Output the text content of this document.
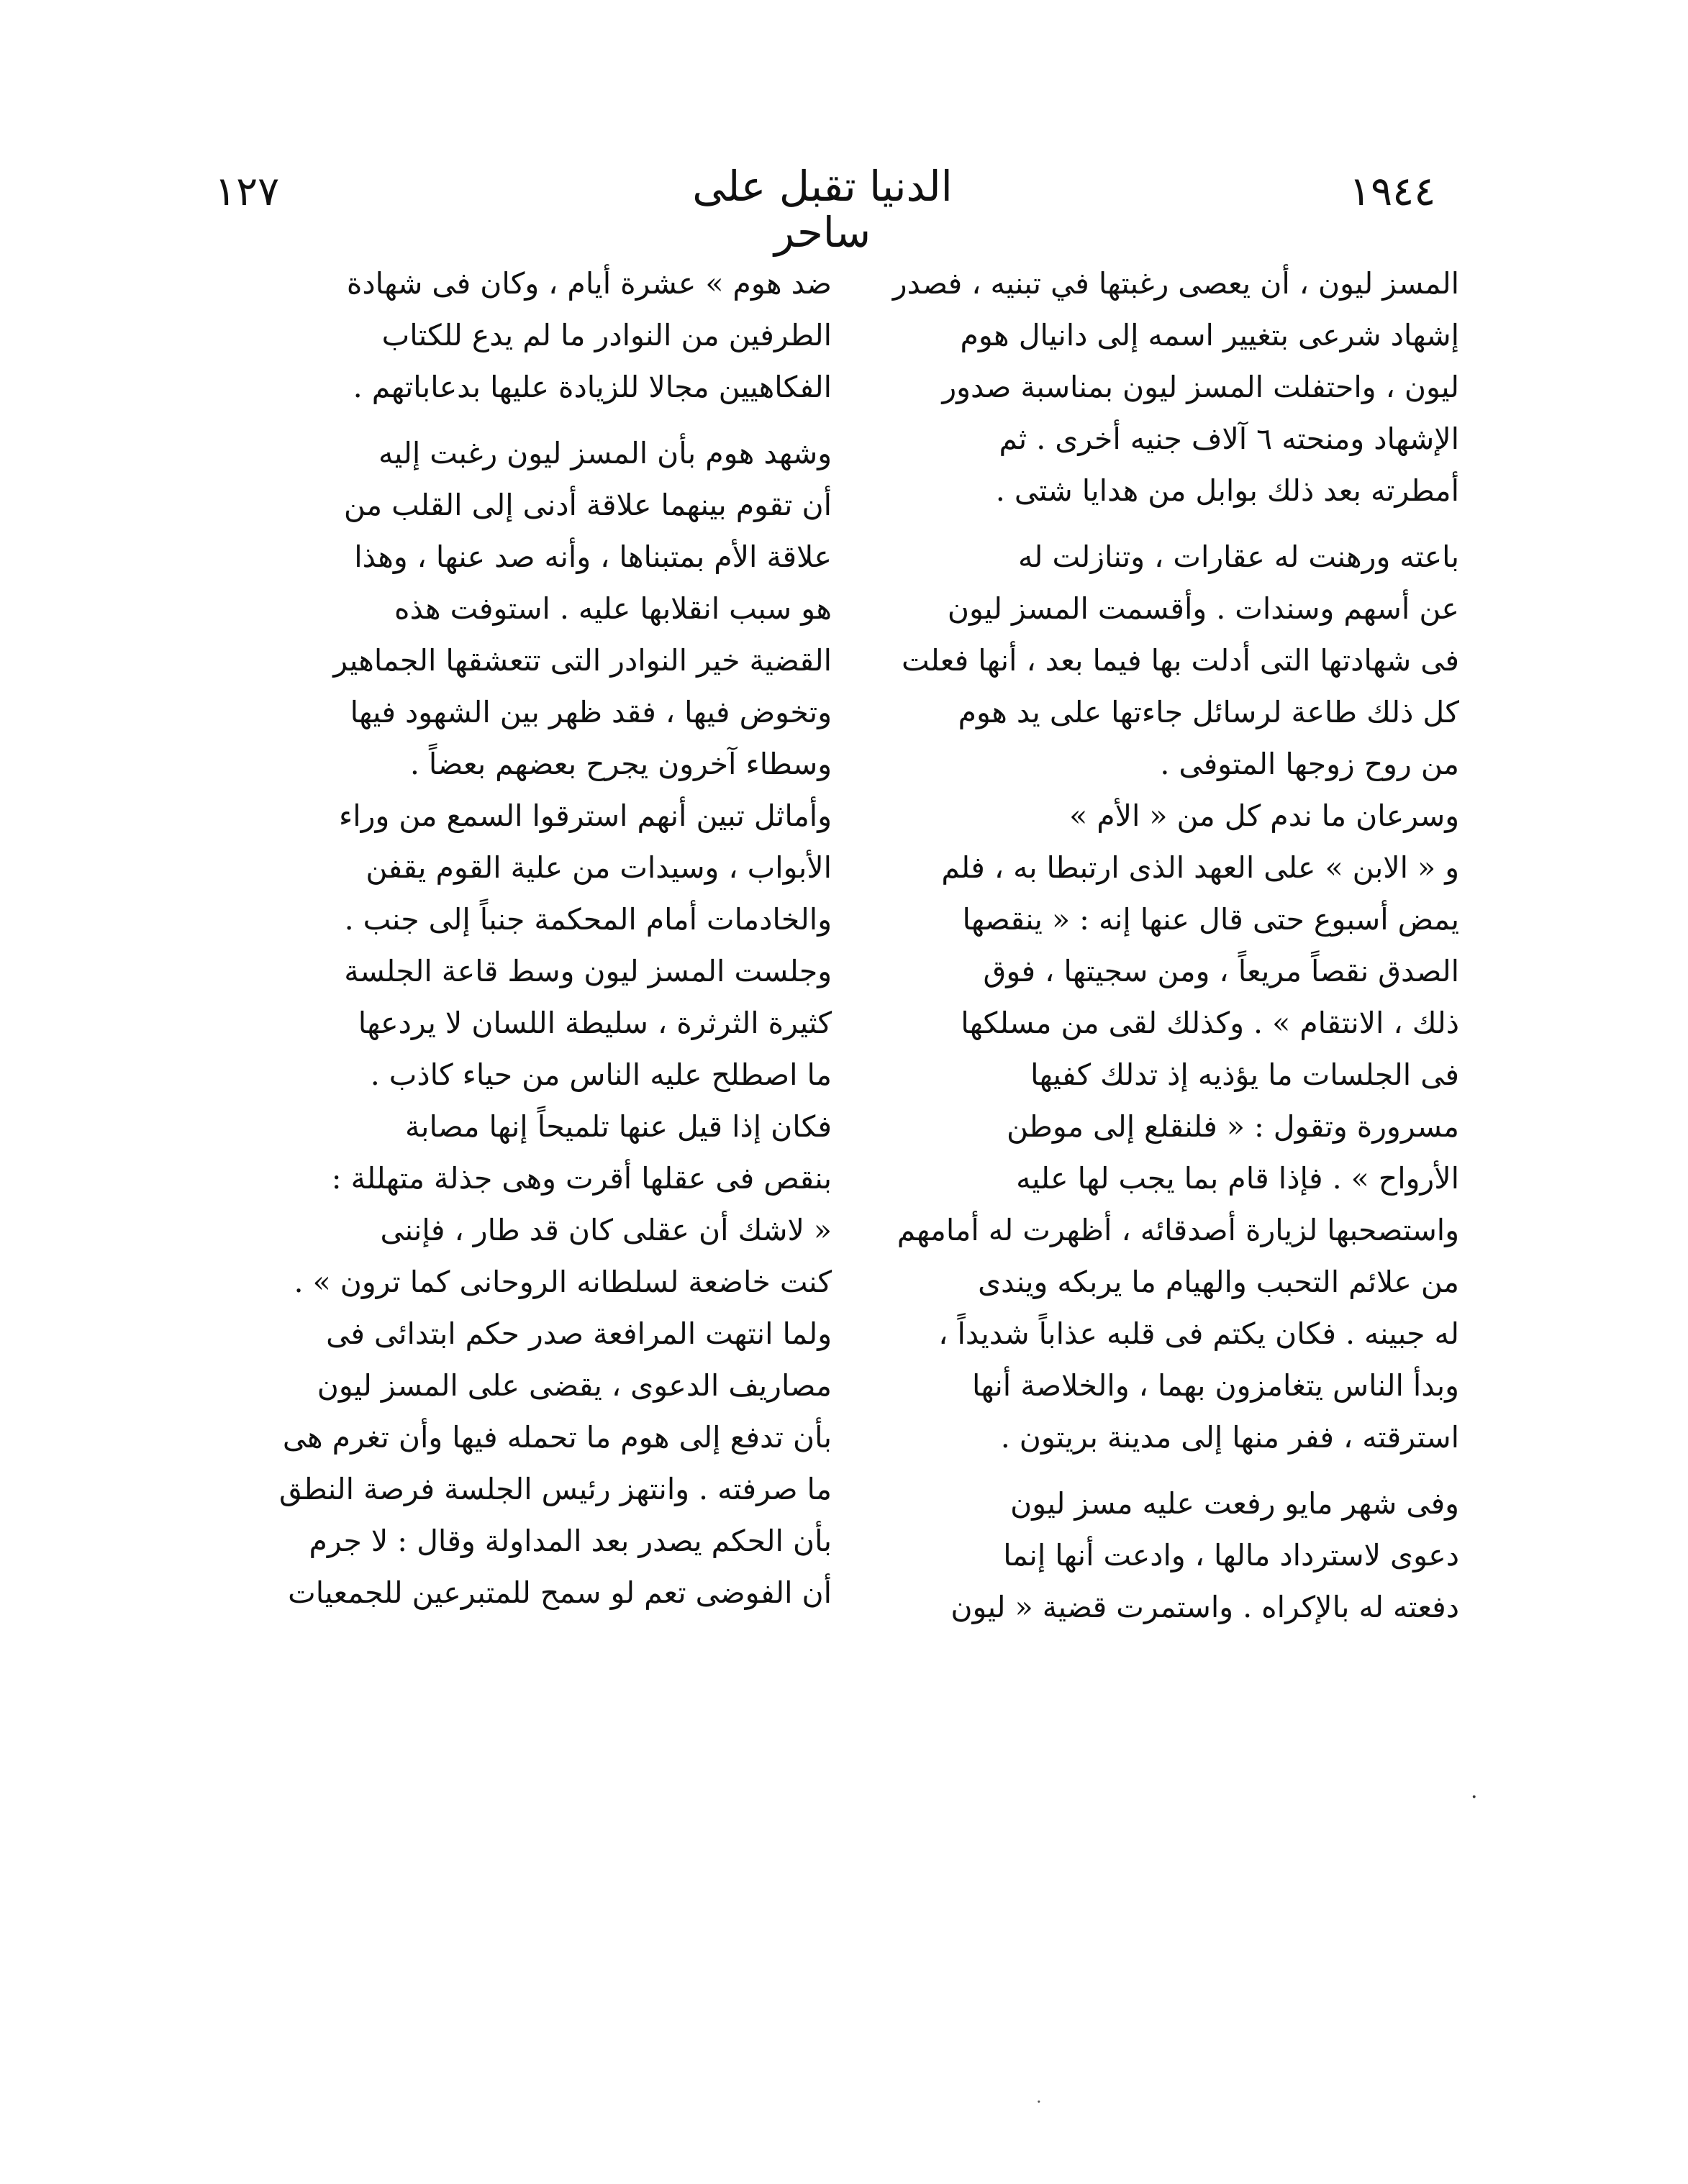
١٩٤٤
الدنيا تقبل على ساحر
١٢٧
المسز ليون ، أن يعصى رغبتها في تبنيه ، فصدر
إشهاد شرعى بتغيير اسمه إلى دانيال هوم
ليون ، واحتفلت المسز ليون بمناسبة صدور
الإشهاد ومنحته ٦ آلاف جنيه أخرى . ثم
أمطرته بعد ذلك بوابل من هدايا شتى .
باعته ورهنت له عقارات ، وتنازلت له
عن أسهم وسندات . وأقسمت المسز ليون
فى شهادتها التى أدلت بها فيما بعد ، أنها فعلت
كل ذلك طاعة لرسائل جاءتها على يد هوم
من روح زوجها المتوفى .
وسرعان ما ندم كل من « الأم »
و « الابن » على العهد الذى ارتبطا به ، فلم
يمض أسبوع حتى قال عنها إنه : « ينقصها
الصدق نقصاً مريعاً ، ومن سجيتها ، فوق
ذلك ، الانتقام » . وكذلك لقى من مسلكها
فى الجلسات ما يؤذيه إذ تدلك كفيها
مسرورة وتقول : « فلنقلع إلى موطن
الأرواح » . فإذا قام بما يجب لها عليه
واستصحبها لزيارة أصدقائه ، أظهرت له أمامهم
من علائم التحبب والهيام ما يربكه ويندى
له جبينه . فكان يكتم فى قلبه عذاباً شديداً ،
وبدأ الناس يتغامزون بهما ، والخلاصة أنها
استرقته ، ففر منها إلى مدينة بريتون .
وفى شهر مايو رفعت عليه مسز ليون
دعوى لاسترداد مالها ، وادعت أنها إنما
دفعته له بالإكراه . واستمرت قضية « ليون
ضد هوم » عشرة أيام ، وكان فى شهادة
الطرفين من النوادر ما لم يدع للكتاب
الفكاهيين مجالا للزيادة عليها بدعاباتهم .
وشهد هوم بأن المسز ليون رغبت إليه
أن تقوم بينهما علاقة أدنى إلى القلب من
علاقة الأم بمتبناها ، وأنه صد عنها ، وهذا
هو سبب انقلابها عليه . استوفت هذه
القضية خير النوادر التى تتعشقها الجماهير
وتخوض فيها ، فقد ظهر بين الشهود فيها
وسطاء آخرون يجرح بعضهم بعضاً .
وأماثل تبين أنهم استرقوا السمع من وراء
الأبواب ، وسيدات من علية القوم يقفن
والخادمات أمام المحكمة جنباً إلى جنب .
وجلست المسز ليون وسط قاعة الجلسة
كثيرة الثرثرة ، سليطة اللسان لا يردعها
ما اصطلح عليه الناس من حياء كاذب .
فكان إذا قيل عنها تلميحاً إنها مصابة
بنقص فى عقلها أقرت وهى جذلة متهللة :
« لاشك أن عقلى كان قد طار ، فإننى
كنت خاضعة لسلطانه الروحانى كما ترون » .
ولما انتهت المرافعة صدر حكم ابتدائى فى
مصاريف الدعوى ، يقضى على المسز ليون
بأن تدفع إلى هوم ما تحمله فيها وأن تغرم هى
ما صرفته . وانتهز رئيس الجلسة فرصة النطق
بأن الحكم يصدر بعد المداولة وقال : لا جرم
أن الفوضى تعم لو سمح للمتبرعين للجمعيات
·
·
